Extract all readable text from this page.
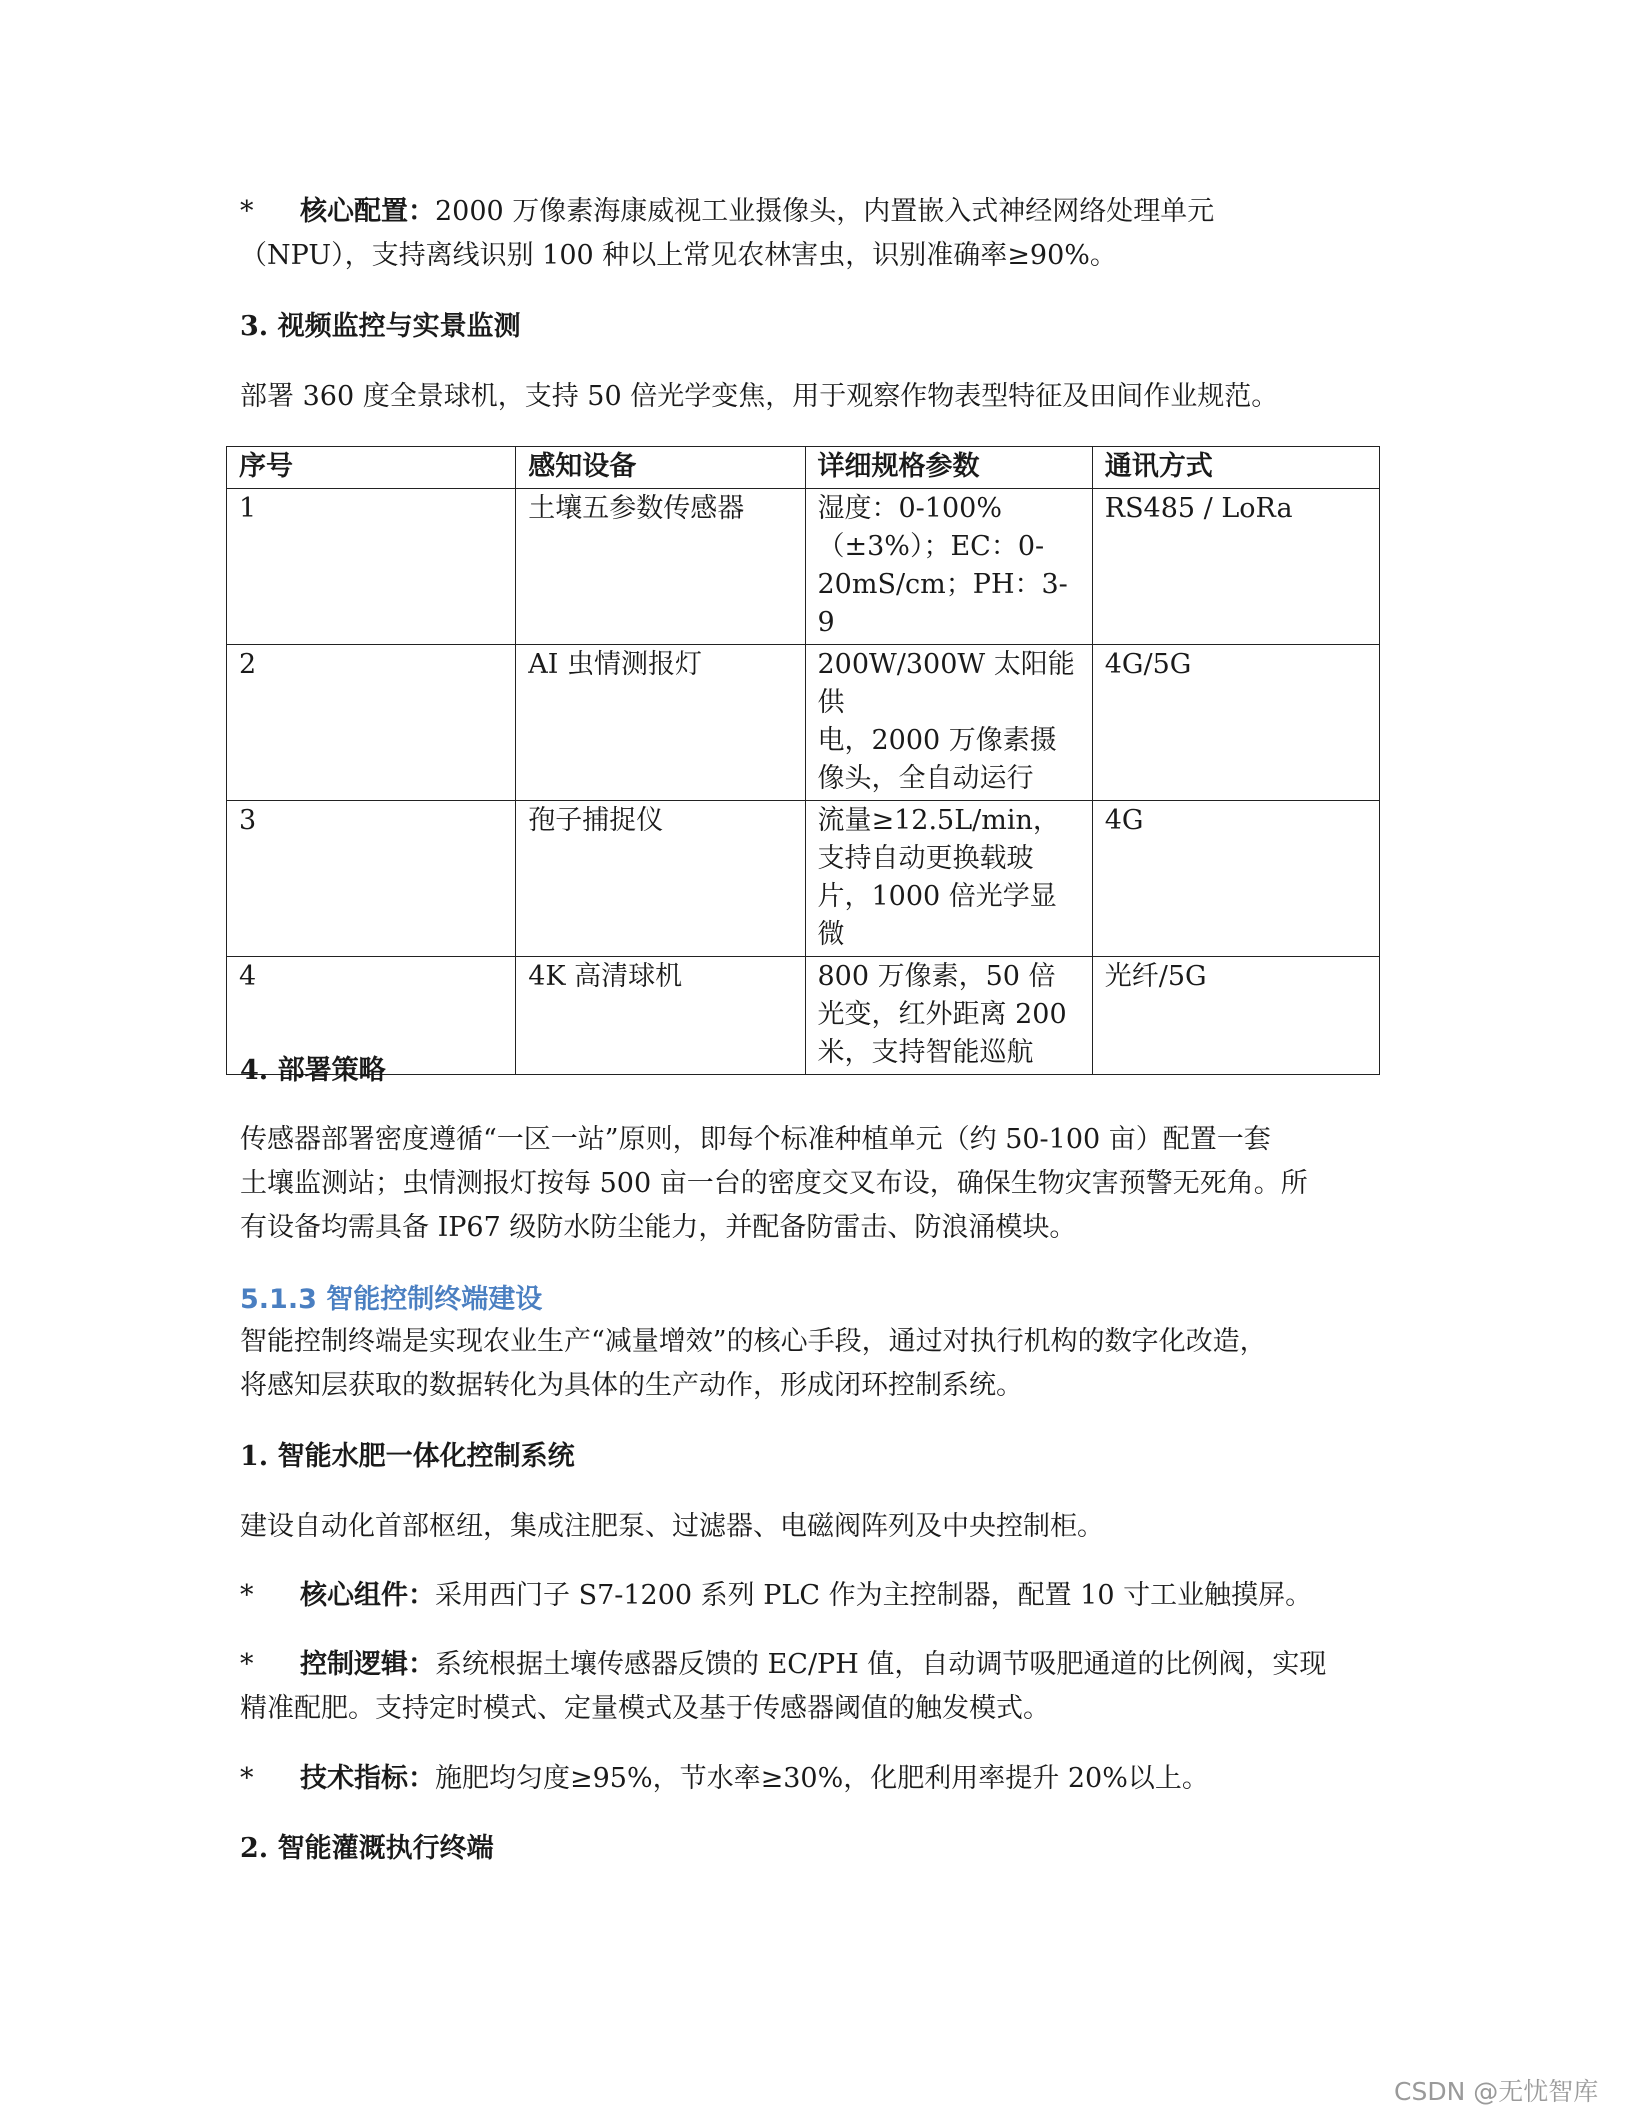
* 核心配置：2000 万像素海康威视工业摄像头，内置嵌入式神经网络处理单元
（NPU），支持离线识别 100 种以上常见农林害虫，识别准确率≥90%。

3. 视频监控与实景监测

部署 360 度全景球机，支持 50 倍光学变焦，用于观察作物表型特征及田间作业规范。

序号	感知设备	详细规格参数	通讯方式
1	土壤五参数传感器	湿度：0-100%
（±3%）；EC：0-
20mS/cm；PH：3-9	RS485 / LoRa
2	AI 虫情测报灯	200W/300W 太阳能供
电，2000 万像素摄
像头，全自动运行	4G/5G
3	孢子捕捉仪	流量≥12.5L/min，
支持自动更换载玻
片，1000 倍光学显
微	4G
4	4K 高清球机	800 万像素，50 倍
光变，红外距离 200
米，支持智能巡航	光纤/5G

4. 部署策略

传感器部署密度遵循“一区一站”原则，即每个标准种植单元（约 50-100 亩）配置一套
土壤监测站；虫情测报灯按每 500 亩一台的密度交叉布设，确保生物灾害预警无死角。所
有设备均需具备 IP67 级防水防尘能力，并配备防雷击、防浪涌模块。

5.1.3 智能控制终端建设

智能控制终端是实现农业生产“减量增效”的核心手段，通过对执行机构的数字化改造，
将感知层获取的数据转化为具体的生产动作，形成闭环控制系统。

1. 智能水肥一体化控制系统

建设自动化首部枢纽，集成注肥泵、过滤器、电磁阀阵列及中央控制柜。

* 核心组件：采用西门子 S7-1200 系列 PLC 作为主控制器，配置 10 寸工业触摸屏。

* 控制逻辑：系统根据土壤传感器反馈的 EC/PH 值，自动调节吸肥通道的比例阀，实现
精准配肥。支持定时模式、定量模式及基于传感器阈值的触发模式。

* 技术指标：施肥均匀度≥95%，节水率≥30%，化肥利用率提升 20%以上。

2. 智能灌溉执行终端

CSDN @无忧智库
